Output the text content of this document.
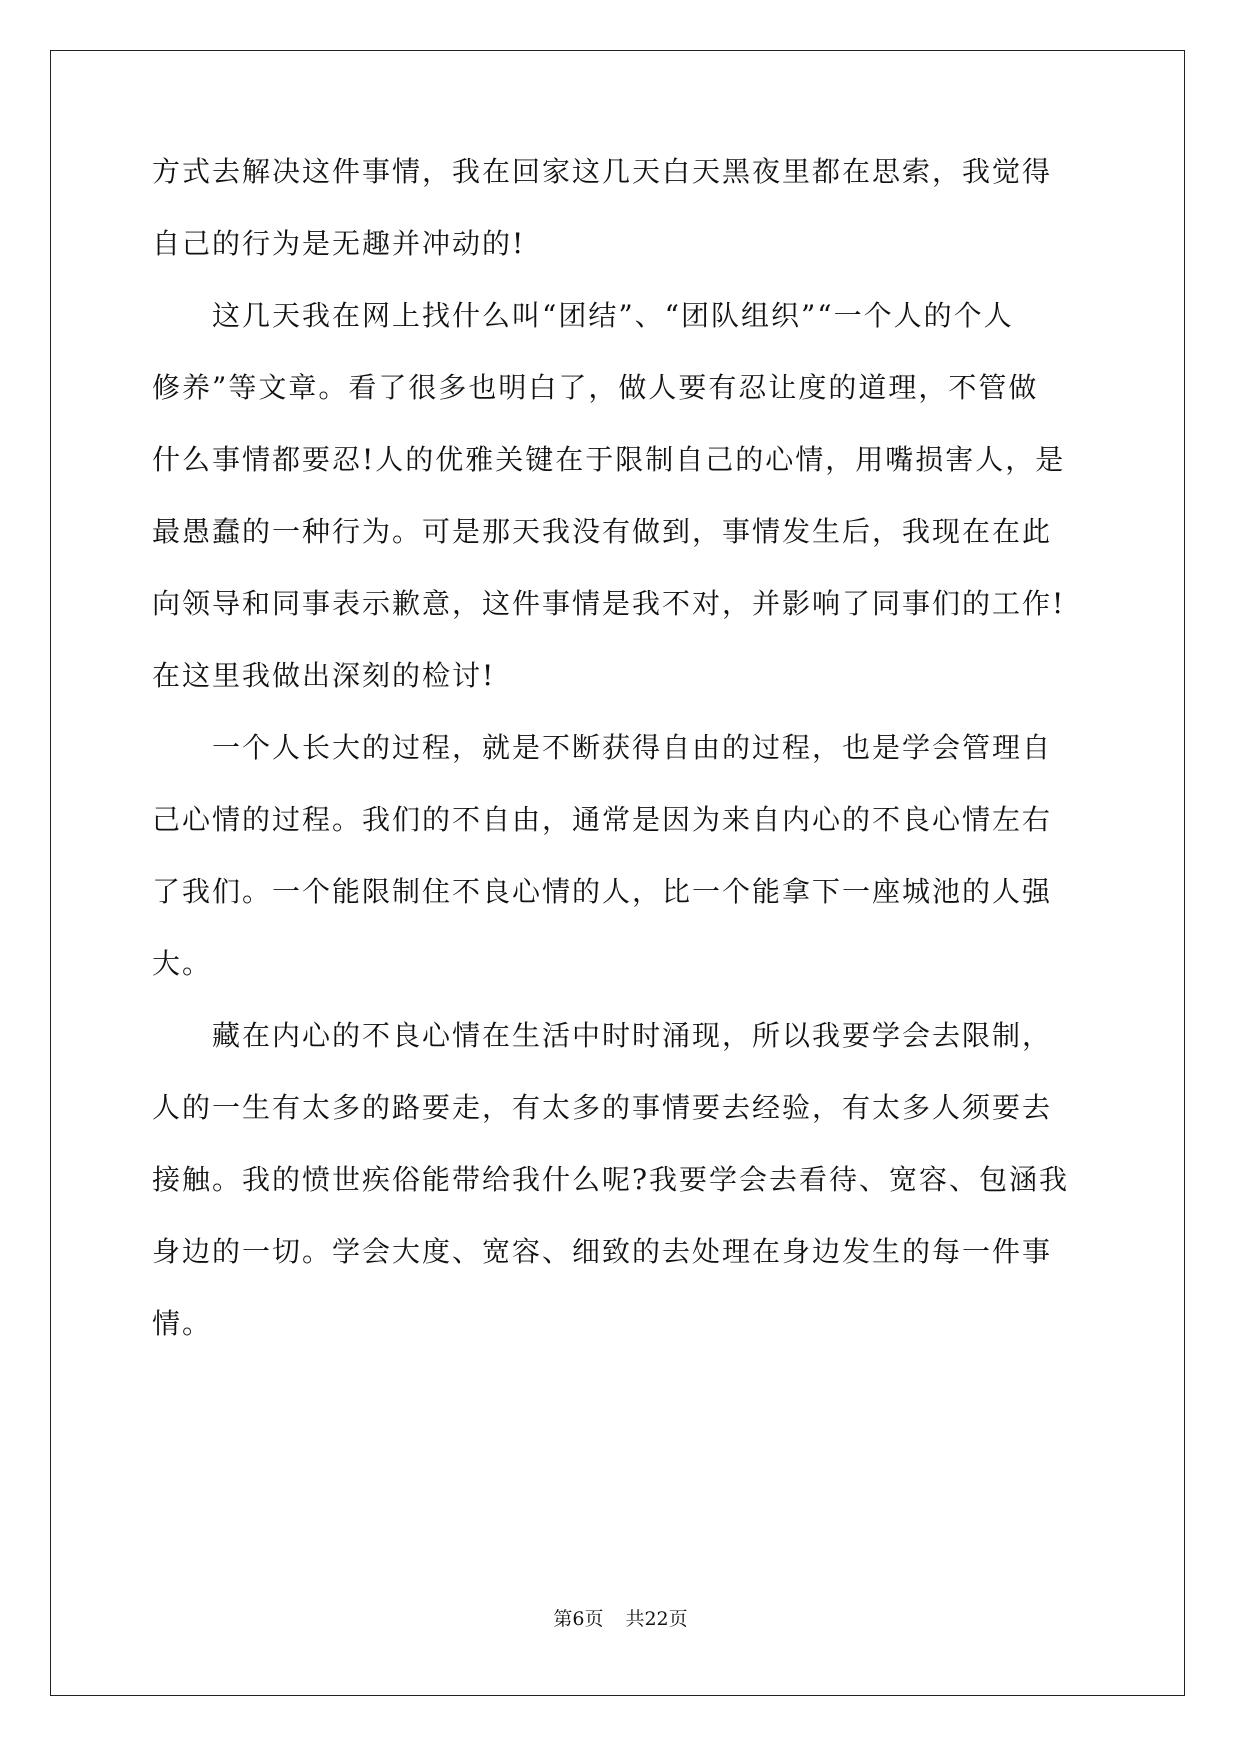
方式去解决这件事情，我在回家这几天白天黑夜里都在思索，我觉得
自己的行为是无趣并冲动的!
这几天我在网上找什么叫“团结”、“团队组织”“一个人的个人
修养”等文章。看了很多也明白了，做人要有忍让度的道理，不管做
什么事情都要忍!人的优雅关键在于限制自己的心情，用嘴损害人，是
最愚蠢的一种行为。可是那天我没有做到，事情发生后，我现在在此
向领导和同事表示歉意，这件事情是我不对，并影响了同事们的工作!
在这里我做出深刻的检讨!
一个人长大的过程，就是不断获得自由的过程，也是学会管理自
己心情的过程。我们的不自由，通常是因为来自内心的不良心情左右
了我们。一个能限制住不良心情的人，比一个能拿下一座城池的人强
大。
藏在内心的不良心情在生活中时时涌现，所以我要学会去限制，
人的一生有太多的路要走，有太多的事情要去经验，有太多人须要去
接触。我的愤世疾俗能带给我什么呢?我要学会去看待、宽容、包涵我
身边的一切。学会大度、宽容、细致的去处理在身边发生的每一件事
情。
第6页 共22页
